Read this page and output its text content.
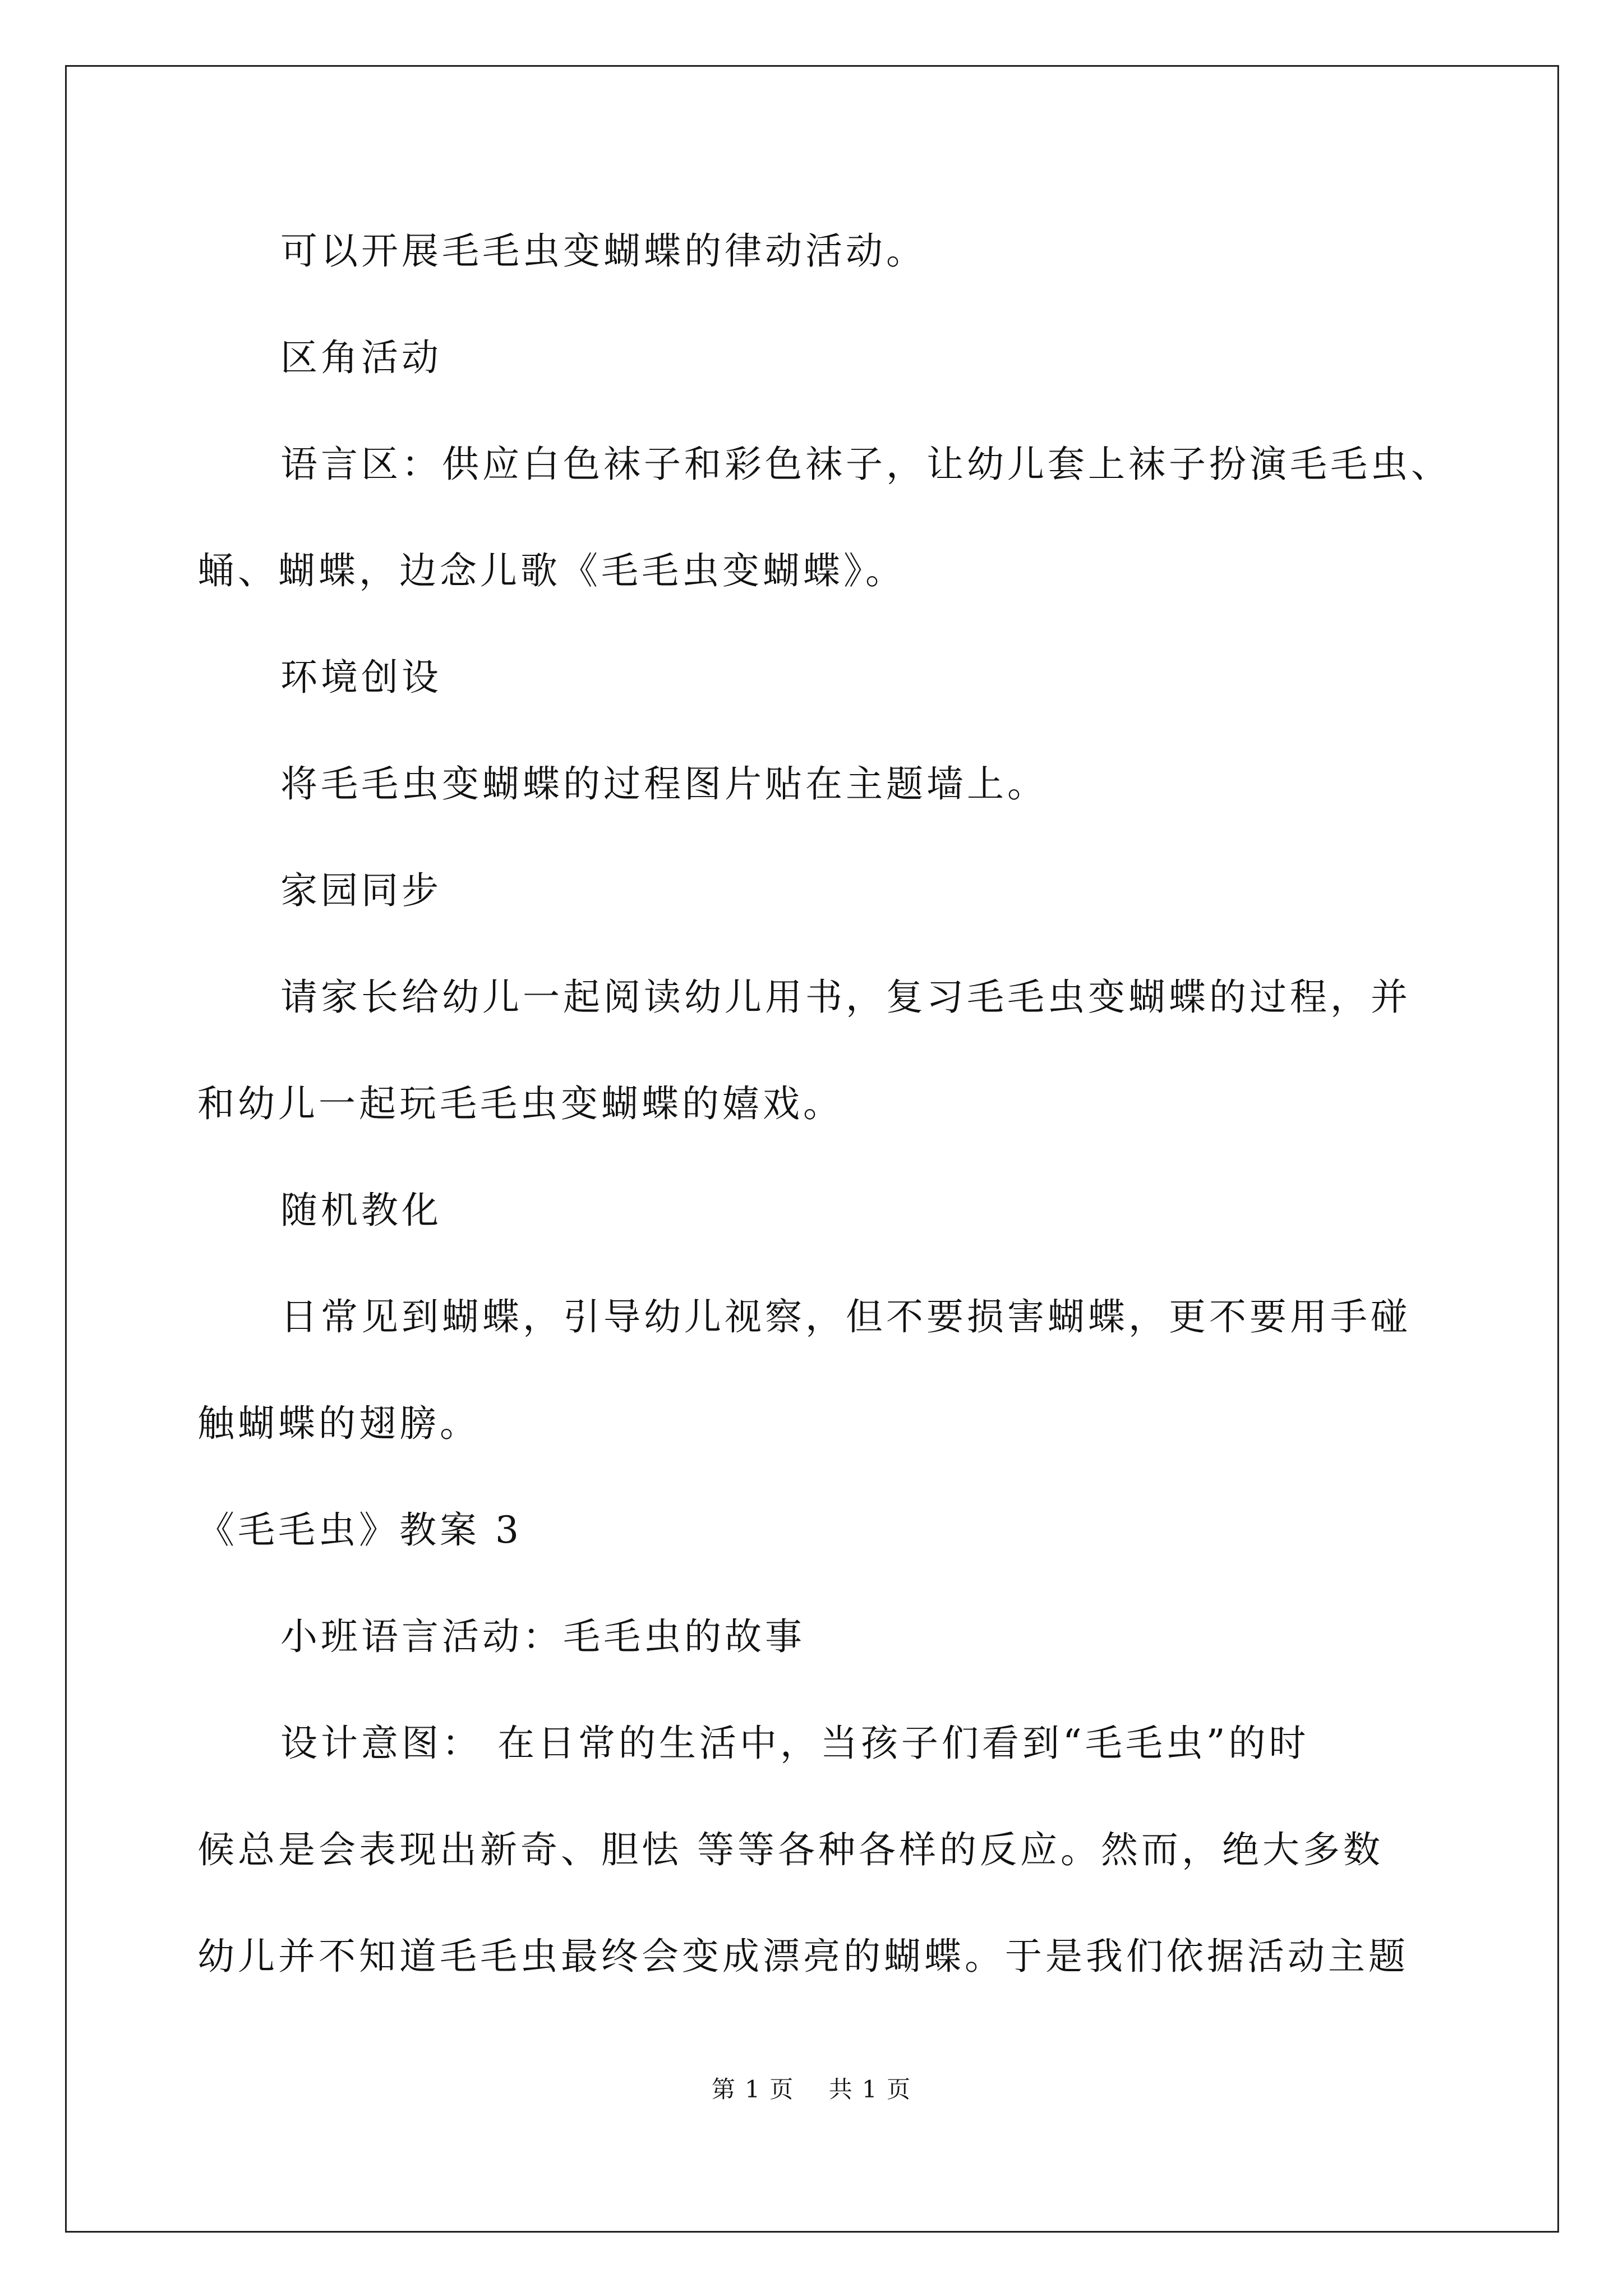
可以开展毛毛虫变蝴蝶的律动活动。
区角活动
语言区：供应白色袜子和彩色袜子，让幼儿套上袜子扮演毛毛虫、
蛹、蝴蝶，边念儿歌《毛毛虫变蝴蝶》。
环境创设
将毛毛虫变蝴蝶的过程图片贴在主题墙上。
家园同步
请家长给幼儿一起阅读幼儿用书，复习毛毛虫变蝴蝶的过程，并
和幼儿一起玩毛毛虫变蝴蝶的嬉戏。
随机教化
日常见到蝴蝶，引导幼儿视察，但不要损害蝴蝶，更不要用手碰
触蝴蝶的翅膀。
《毛毛虫》教案 3
小班语言活动：毛毛虫的故事
设计意图： 在日常的生活中，当孩子们看到“毛毛虫”的时
候总是会表现出新奇、胆怯 等等各种各样的反应。然而，绝大多数
幼儿并不知道毛毛虫最终会变成漂亮的蝴蝶。于是我们依据活动主题
第 1 页    共 1 页
